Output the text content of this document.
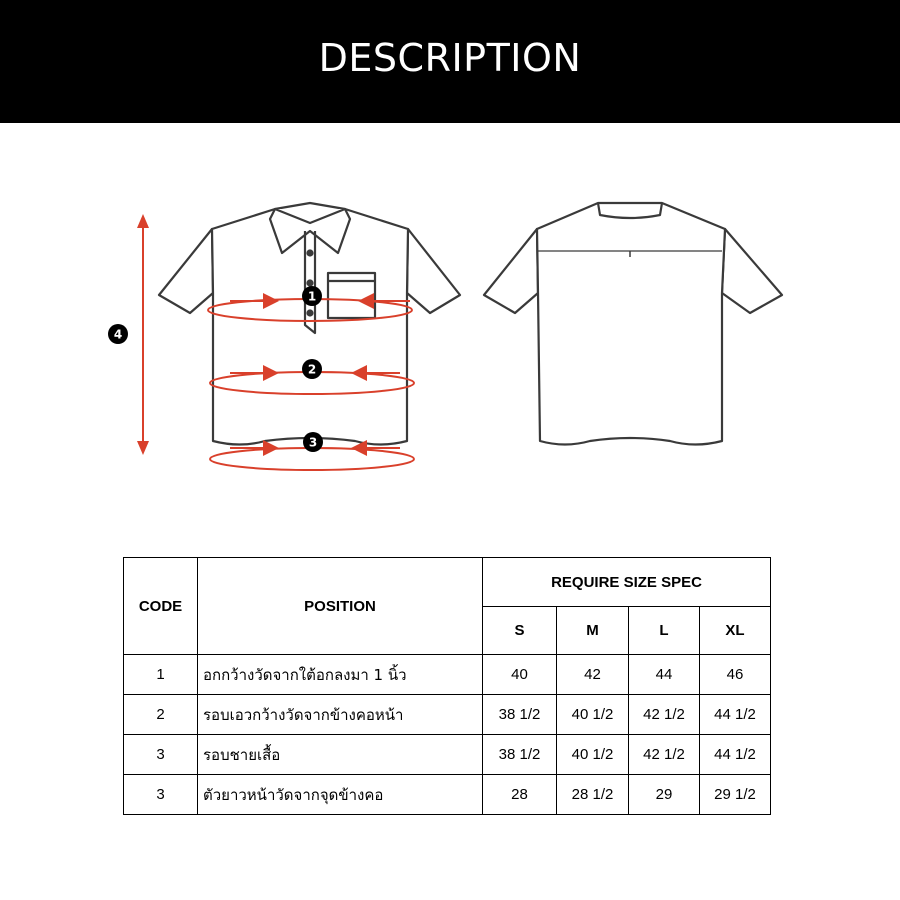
DESCRIPTION
1
2
3
4
CODE	POSITION	REQUIRE SIZE SPEC			
		S	M	L	XL
1	อกกว้างวัดจากใต้อกลงมา 1 นิ้ว	40	42	44	46
2	รอบเอวกว้างวัดจากข้างคอหน้า	38 1/2	40 1/2	42 1/2	44 1/2
3	รอบชายเสื้อ	38 1/2	40 1/2	42 1/2	44 1/2
3	ตัวยาวหน้าวัดจากจุดข้างคอ	28	28 1/2	29	29 1/2
